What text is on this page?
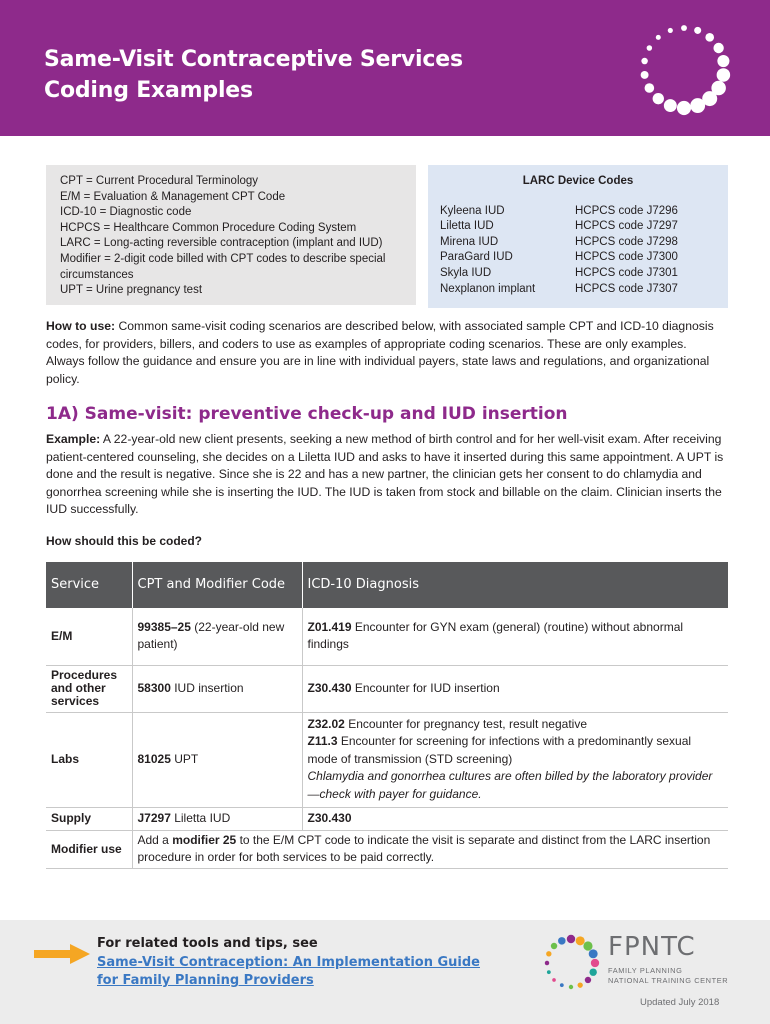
Same-Visit Contraceptive Services
Coding Examples
CPT = Current Procedural Terminology
E/M = Evaluation & Management CPT Code
ICD-10 = Diagnostic code
HCPCS = Healthcare Common Procedure Coding System
LARC = Long-acting reversible contraception (implant and IUD)
Modifier = 2-digit code billed with CPT codes to describe special circumstances
UPT = Urine pregnancy test
LARC Device Codes
Kyleena IUD	HCPCS code J7296
Liletta IUD	HCPCS code J7297
Mirena IUD	HCPCS code J7298
ParaGard IUD	HCPCS code J7300
Skyla IUD	HCPCS code J7301
Nexplanon implant	HCPCS code J7307

How to use: Common same-visit coding scenarios are described below, with associated sample CPT and ICD-10 diagnosis codes, for providers, billers, and coders to use as examples of appropriate coding scenarios. These are only examples. Always follow the guidance and ensure you are in line with individual payers, state laws and regulations, and organizational policy.

1A) Same-visit: preventive check-up and IUD insertion

Example: A 22-year-old new client presents, seeking a new method of birth control and for her well-visit exam. After receiving patient-centered counseling, she decides on a Liletta IUD and asks to have it inserted during this same appointment. A UPT is done and the result is negative. Since she is 22 and has a new partner, the clinician gets her consent to do chlamydia and gonorrhea screening while she is inserting the IUD. The IUD is taken from stock and billable on the claim. Clinician inserts the IUD successfully.

How should this be coded?
Service	CPT and Modifier Code	ICD-10 Diagnosis
E/M	99385–25 (22-year-old new patient)	Z01.419 Encounter for GYN exam (general) (routine) without abnormal findings
Procedures and other services	58300 IUD insertion	Z30.430 Encounter for IUD insertion
Labs	81025 UPT	Z32.02 Encounter for pregnancy test, result negative
Z11.3 Encounter for screening for infections with a predominantly sexual mode of transmission (STD screening)
Chlamydia and gonorrhea cultures are often billed by the laboratory provider—check with payer for guidance.

Supply	J7297 Liletta IUD	Z30.430
Modifier use	Add a modifier 25 to the E/M CPT code to indicate the visit is separate and distinct from the LARC insertion procedure in order for both services to be paid correctly.	
For related tools and tips, see
Same-Visit Contraception: An Implementation Guide
for Family Planning Providers
FPNTC
FAMILY PLANNING
NATIONAL TRAINING CENTER
Updated July 2018
